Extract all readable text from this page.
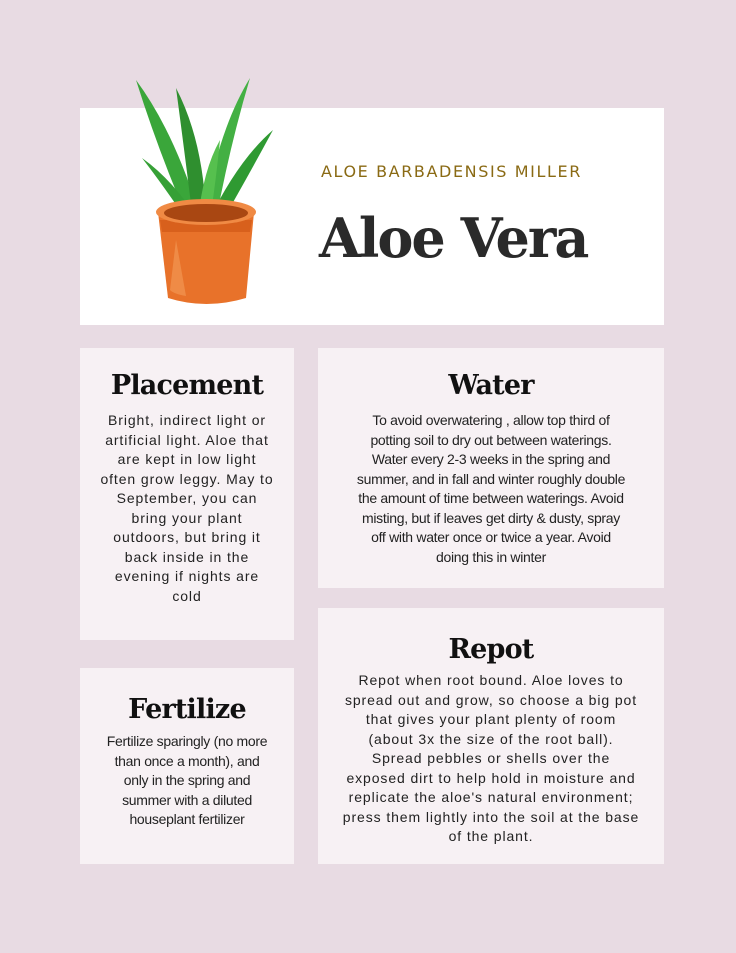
ALOE BARBADENSIS MILLER
Aloe Vera
Placement
Bright, indirect light or artificial light. Aloe that are kept in low light often grow leggy. May to September, you can bring your plant outdoors, but bring it back inside in the evening if nights are cold
Water
To avoid overwatering , allow top third of potting soil to dry out between waterings. Water every 2-3 weeks in the spring and summer, and in fall and winter roughly double the amount of time between waterings. Avoid misting, but if leaves get dirty & dusty, spray off with water once or twice a year. Avoid doing this in winter
Fertilize
Fertilize sparingly (no more than once a month), and only in the spring and summer with a diluted houseplant fertilizer
Repot
Repot when root bound. Aloe loves to spread out and grow, so choose a big pot that gives your plant plenty of room (about 3x the size of the root ball). Spread pebbles or shells over the exposed dirt to help hold in moisture and replicate the aloe's natural environment; press them lightly into the soil at the base of the plant.
